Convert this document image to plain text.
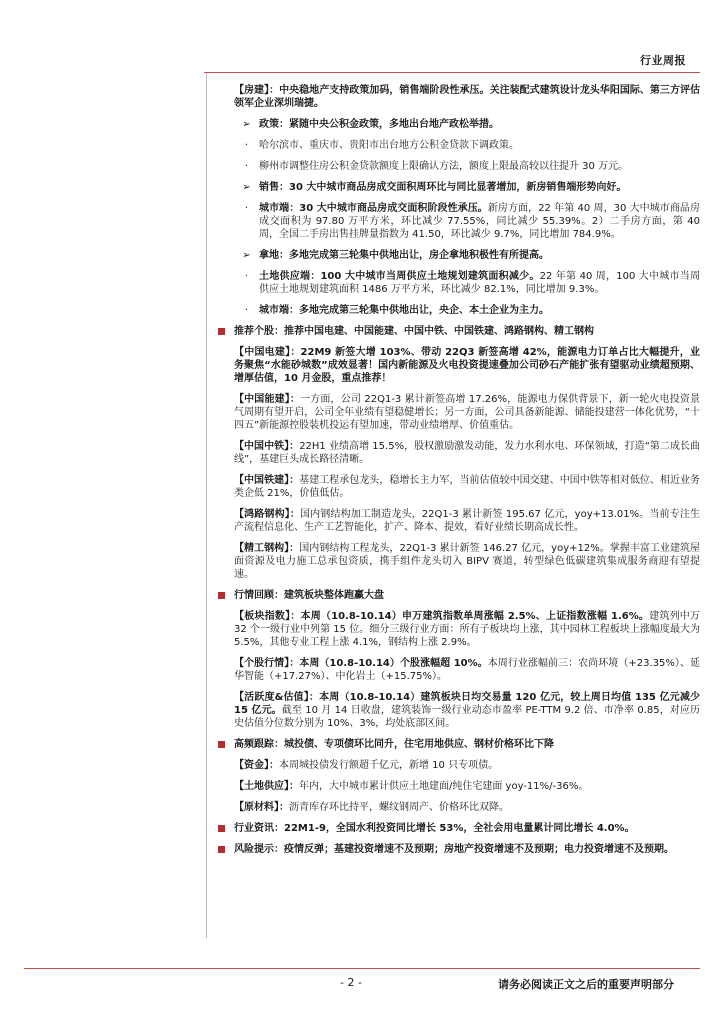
行业周报
【房建】：中央稳地产支持政策加码，销售端阶段性承压。关注装配式建筑设计龙头华阳国际、第三方评估领军企业深圳瑞捷。
➢ 政策：紧随中央公积金政策，多地出台地产政松举措。
·	哈尔滨市、重庆市、贵阳市出台地方公积金贷款下调政策。
·	柳州市调整住房公积金贷款额度上限确认方法，额度上限最高较以往提升 30 万元。
➢ 销售：30 大中城市商品房成交面积周环比与同比显著增加，新房销售端形势向好。
·	城市端：30 大中城市商品房成交面积阶段性承压。新房方面，22 年第 40 周，30 大中城市商品房成交面积为 97.80 万平方米，环比减少 77.55%，同比减少 55.39%。2）二手房方面，第 40 周，全国二手房出售挂牌量指数为 41.50，环比减少 9.7%，同比增加 784.9%。
➢ 拿地：多地完成第三轮集中供地出让，房企拿地积极性有所提高。
·	土地供应端：100 大中城市当周供应土地规划建筑面积减少。22 年第 40 周，100 大中城市当周供应土地规划建筑面积 1486 万平方米，环比减少 82.1%，同比增加 9.3%。
·	城市端：多地完成第三轮集中供地出让，央企、本土企业为主力。
推荐个股：推荐中国电建、中国能建、中国中铁、中国铁建、鸿路钢构、精工钢构
【中国电建】：22M9 新签大增 103%、带动 22Q3 新签高增 42%，能源电力订单占比大幅提升，业务聚焦“水能砂城数”成效显著！国内新能源及火电投资提速叠加公司砂石产能扩张有望驱动业绩超预期、增厚估值，10 月金股，重点推荐！
【中国能建】：一方面，公司 22Q1-3 累计新签高增 17.26%，能源电力保供背景下，新一轮火电投资景气周期有望开启，公司全年业绩有望稳健增长；另一方面，公司具备新能源、储能投建营一体化优势，“十四五”新能源控股装机投运有望加速，带动业绩增厚、价值重估。
【中国中铁】：22H1 业绩高增 15.5%，股权激励激发动能，发力水利水电、环保领域，打造“第二成长曲线”，基建巨头成长路径清晰。
【中国铁建】：基建工程承包龙头，稳增长主力军，当前估值较中国交建、中国中铁等相对低位、相近业务类企低 21%，价值低估。
【鸿路钢构】：国内钢结构加工制造龙头，22Q1-3 累计新签 195.67 亿元，yoy+13.01%。当前专注生产流程信息化、生产工艺智能化，扩产、降本、提效，看好业绩长期高成长性。
【精工钢构】：国内钢结构工程龙头，22Q1-3 累计新签 146.27 亿元，yoy+12%。掌握丰富工业建筑屋面资源及电力施工总承包资质，携手组件龙头切入 BIPV 赛道，转型绿色低碳建筑集成服务商迎有望提速。
行情回顾：建筑板块整体跑赢大盘
【板块指数】：本周（10.8-10.14）申万建筑指数单周涨幅 2.5%、上证指数涨幅 1.6%。建筑列中万 32 个一级行业中列第 15 位。细分三级行业方面：所有子板块均上涨，其中园林工程板块上涨幅度最大为 5.5%，其他专业工程上涨 4.1%，钢结构上涨 2.9%。
【个股行情】：本周（10.8-10.14）个股涨幅超 10%。本周行业涨幅前三：农尚环境（+23.35%）、延华智能（+17.27%）、中化岩土（+15.75%）。
【活跃度&估值】：本周（10.8-10.14）建筑板块日均交易量 120 亿元，较上周日均值 135 亿元减少 15 亿元。截至 10 月 14 日收盘，建筑装饰一级行业动态市盈率 PE-TTM 9.2 倍、市净率 0.85，对应历史估值分位数分别为 10%、3%，均处底部区间。
高频跟踪：城投债、专项债环比同升，住宅用地供应、钢材价格环比下降
【资金】：本周城投债发行额超千亿元，新增 10 只专项债。
【土地供应】：年内，大中城市累计供应土地建面/纯住宅建面 yoy-11%/-36%。
【原材料】：沥青库存环比持平，螺纹钢周产、价格环比双降。
行业资讯：22M1-9，全国水利投资同比增长 53%，全社会用电量累计同比增长 4.0%。
风险提示：疫情反弹；基建投资增速不及预期；房地产投资增速不及预期；电力投资增速不及预期。
- 2 -	请务必阅读正文之后的重要声明部分
